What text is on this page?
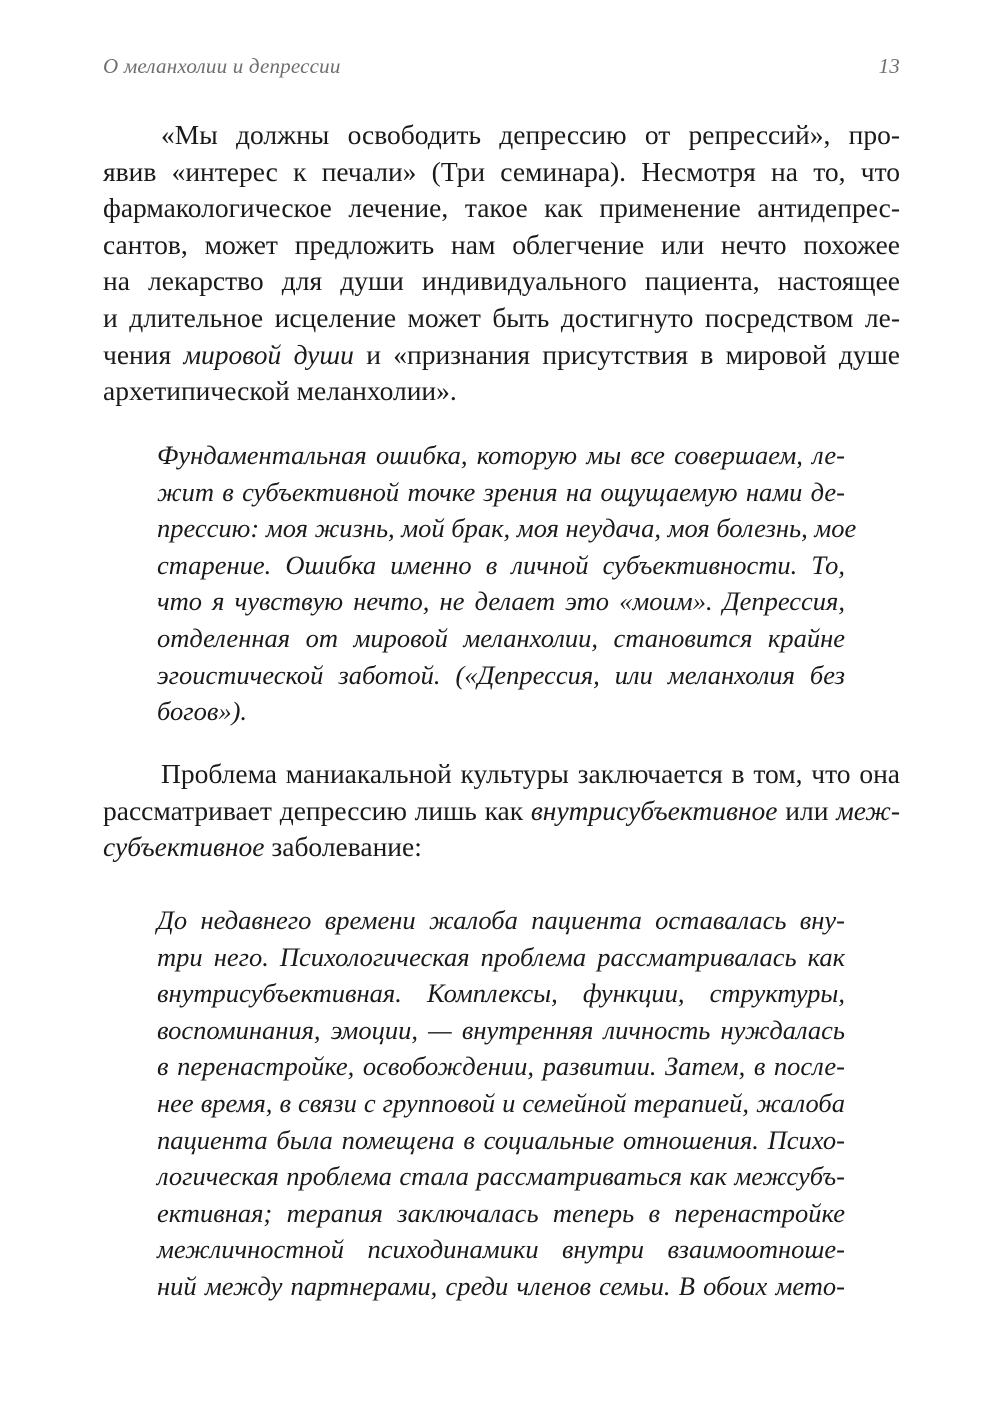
О меланхолии и депрессии	13
«Мы должны освободить депрессию от репрессий», про-
явив «интерес к печали» (Три семинара). Несмотря на то, что
фармакологическое лечение, такое как применение антидепрес-
сантов, может предложить нам облегчение или нечто похожее
на лекарство для души индивидуального пациента, настоящее
и длительное исцеление может быть достигнуто посредством ле-
чения мировой души и «признания присутствия в мировой душе
архетипической меланхолии».
Фундаментальная ошибка, которую мы все совершаем, ле-
жит в субъективной точке зрения на ощущаемую нами де-
прессию: моя жизнь, мой брак, моя неудача, моя болезнь, мое
старение. Ошибка именно в личной субъективности. То,
что я чувствую нечто, не делает это «моим». Депрессия,
отделенная от мировой меланхолии, становится крайне
эгоистической заботой. («Депрессия, или меланхолия без
богов»).
Проблема маниакальной культуры заключается в том, что она
рассматривает депрессию лишь как внутрисубъективное или меж-
субъективное заболевание:
До недавнего времени жалоба пациента оставалась вну-
три него. Психологическая проблема рассматривалась как
внутрисубъективная. Комплексы, функции, структуры,
воспоминания, эмоции, — внутренняя личность нуждалась
в перенастройке, освобождении, развитии. Затем, в после-
нее время, в связи с групповой и семейной терапией, жалоба
пациента была помещена в социальные отношения. Психо-
логическая проблема стала рассматриваться как межсубъ-
ективная; терапия заключалась теперь в перенастройке
межличностной психодинамики внутри взаимоотноше-
ний между партнерами, среди членов семьи. В обоих мето-
